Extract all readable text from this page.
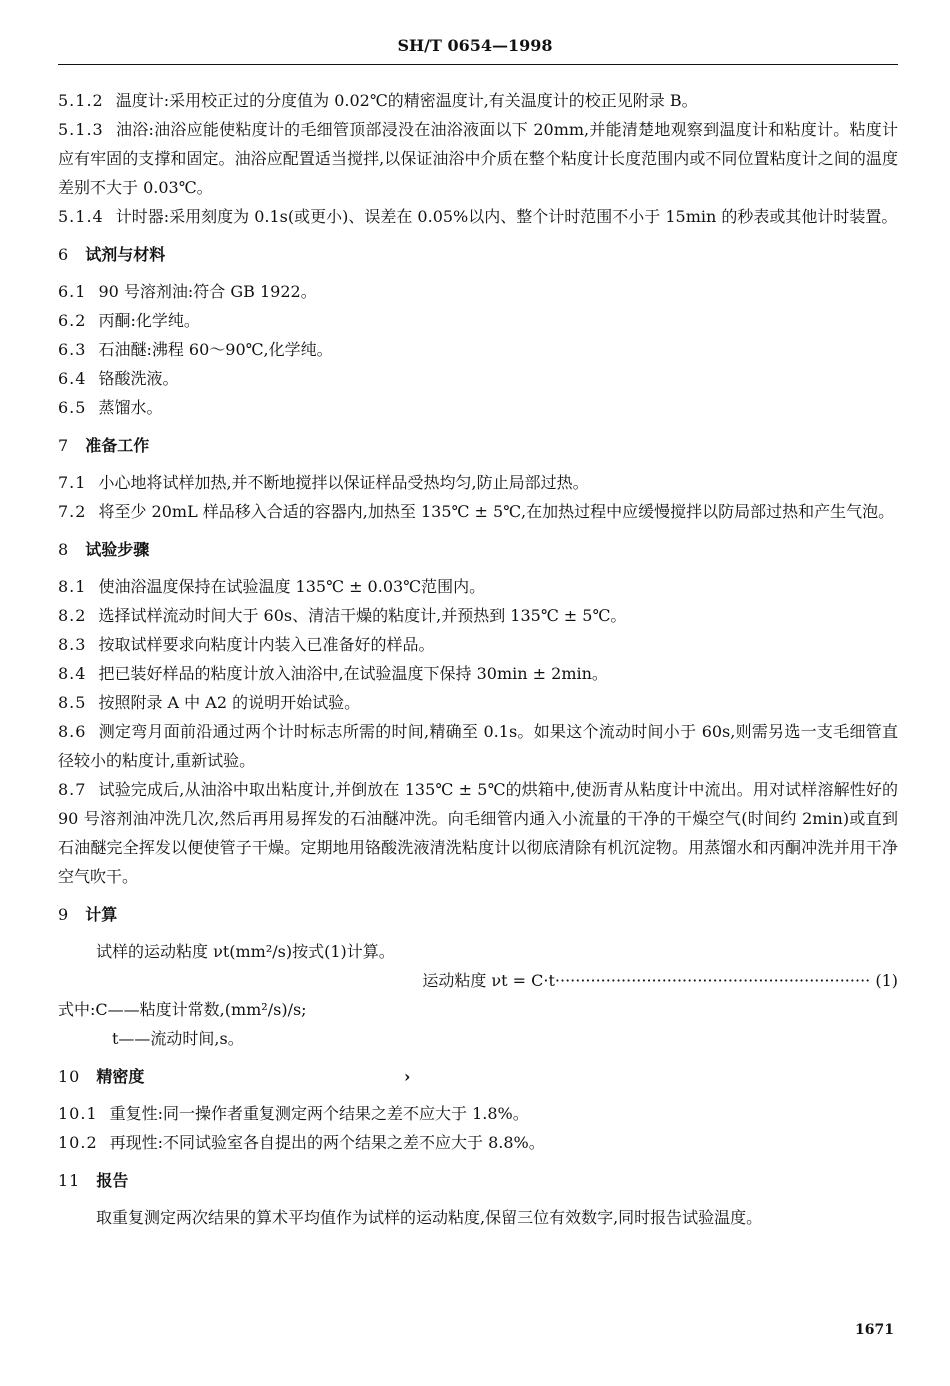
SH/T 0654—1998

5.1.2 温度计:采用校正过的分度值为 0.02℃的精密温度计,有关温度计的校正见附录 B。

5.1.3 油浴:油浴应能使粘度计的毛细管顶部浸没在油浴液面以下 20mm,并能清楚地观察到温度计和粘度计。粘度计应有牢固的支撑和固定。油浴应配置适当搅拌,以保证油浴中介质在整个粘度计长度范围内或不同位置粘度计之间的温度差别不大于 0.03℃。

5.1.4 计时器:采用刻度为 0.1s(或更小)、误差在 0.05%以内、整个计时范围不小于 15min 的秒表或其他计时装置。

6 试剂与材料

6.1 90 号溶剂油:符合 GB 1922。

6.2 丙酮:化学纯。

6.3 石油醚:沸程 60～90℃,化学纯。

6.4 铬酸洗液。

6.5 蒸馏水。

7 准备工作

7.1 小心地将试样加热,并不断地搅拌以保证样品受热均匀,防止局部过热。

7.2 将至少 20mL 样品移入合适的容器内,加热至 135℃ ± 5℃,在加热过程中应缓慢搅拌以防局部过热和产生气泡。

8 试验步骤

8.1 使油浴温度保持在试验温度 135℃ ± 0.03℃范围内。

8.2 选择试样流动时间大于 60s、清洁干燥的粘度计,并预热到 135℃ ± 5℃。

8.3 按取试样要求向粘度计内装入已准备好的样品。

8.4 把已装好样品的粘度计放入油浴中,在试验温度下保持 30min ± 2min。

8.5 按照附录 A 中 A2 的说明开始试验。

8.6 测定弯月面前沿通过两个计时标志所需的时间,精确至 0.1s。如果这个流动时间小于 60s,则需另选一支毛细管直径较小的粘度计,重新试验。

8.7 试验完成后,从油浴中取出粘度计,并倒放在 135℃ ± 5℃的烘箱中,使沥青从粘度计中流出。用对试样溶解性好的 90 号溶剂油冲洗几次,然后再用易挥发的石油醚冲洗。向毛细管内通入小流量的干净的干燥空气(时间约 2min)或直到石油醚完全挥发以便使管子干燥。定期地用铬酸洗液清洗粘度计以彻底清除有机沉淀物。用蒸馏水和丙酮冲洗并用干净空气吹干。

9 计算

试样的运动粘度 νt(mm²/s)按式(1)计算。

运动粘度 νt = C·t······························································ (1)

式中:C——粘度计常数,(mm²/s)/s;

t——流动时间,s。

10 精密度	›

10.1 重复性:同一操作者重复测定两个结果之差不应大于 1.8%。

10.2 再现性:不同试验室各自提出的两个结果之差不应大于 8.8%。

11 报告

取重复测定两次结果的算术平均值作为试样的运动粘度,保留三位有效数字,同时报告试验温度。

1671
